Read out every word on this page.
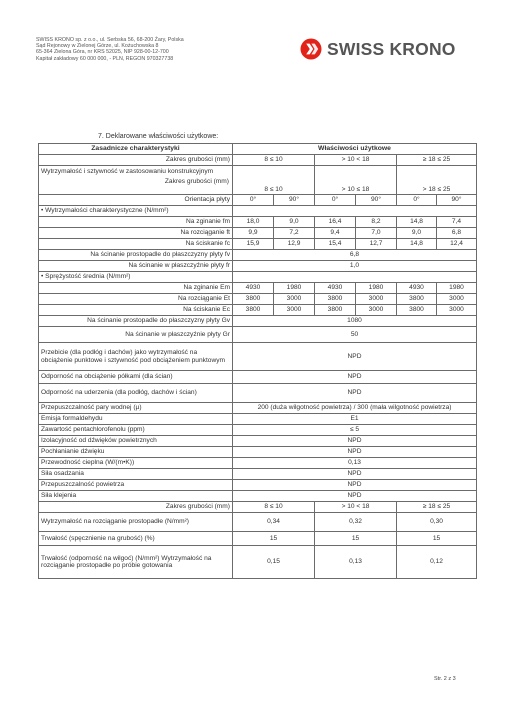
SWISS KRONO sp. z o.o., ul. Serbska 56, 68-200 Żary, Polska
Sąd Rejonowy w Zielonej Górze, ul. Kożuchowska 8
65-364 Zielona Góra, nr KRS 52025, NIP 928-00-12-700
Kapitał zakładowy 60 000 000, - PLN, REGON 970327738
SWISS KRONO
7. Deklarowane właściwości użytkowe:
Zasadnicze charakterystyki	Właściwości użytkowe					
Zakres grubości (mm)	8 ≤ 10		> 10 < 18		≥ 18 ≤ 25	

Wytrzymałość i sztywność w zastosowaniu konstrukcyjnym
Zakres grubości (mm)	8 ≤ 10		> 10 ≤ 18		> 18 ≤ 25	
Orientacja płyty	0°	90°	0°	90°	0°	90°
• Wytrzymałości charakterystyczne (N/mm²)						
Na zginanie fm	18,0	9,0	16,4	8,2	14,8	7,4
Na rozciąganie ft	9,9	7,2	9,4	7,0	9,0	6,8
Na ściskanie fc	15,9	12,9	15,4	12,7	14,8	12,4
Na ścinanie prostopadle do płaszczyzny płyty fv	6,8					
Na ścinanie w płaszczyźnie płyty fr	1,0					
• Sprężystość średnia (N/mm²)						
Na zginanie Em	4930	1980	4930	1980	4930	1980
Na rozciąganie Et	3800	3000	3800	3000	3800	3000
Na ściskanie Ec	3800	3000	3800	3000	3800	3000
Na ścinanie prostopadle do płaszczyzny płyty Gv	1080					
Na ścinanie w płaszczyźnie płyty Gr	50					
Przebicie (dla podłóg i dachów) jako wytrzymałość na obciążenie punktowe i sztywność pod obciążeniem punktowym	NPD					
Odporność na obciążenie półkami (dla ścian)	NPD					
Odporność na uderzenia (dla podłóg, dachów i ścian)	NPD					
Przepuszczalność pary wodnej (µ)	200 (duża wilgotność powietrza) / 300 (mała wilgotność powietrza)					
Emisja formaldehydu	E1					
Zawartość pentachlorofenolu (ppm)	≤ 5					
Izolacyjność od dźwięków powietrznych	NPD					
Pochłanianie dźwięku	NPD					
Przewodność cieplna (W/(m•K))	0,13					
Siła osadzania	NPD					
Przepuszczalność powietrza	NPD					
Siła klejenia	NPD					
Zakres grubości (mm)	8 ≤ 10		> 10 < 18		≥ 18 ≤ 25	
Wytrzymałość na rozciąganie prostopadłe (N/mm²)	0,34		0,32		0,30	
Trwałość (spęcznienie na grubość) (%)	15		15		15	
Trwałość (odporność na wilgoć) (N/mm²) Wytrzymałość na rozciąganie prostopadłe po próbie gotowania	0,15		0,13		0,12	
Str. 2 z 3
